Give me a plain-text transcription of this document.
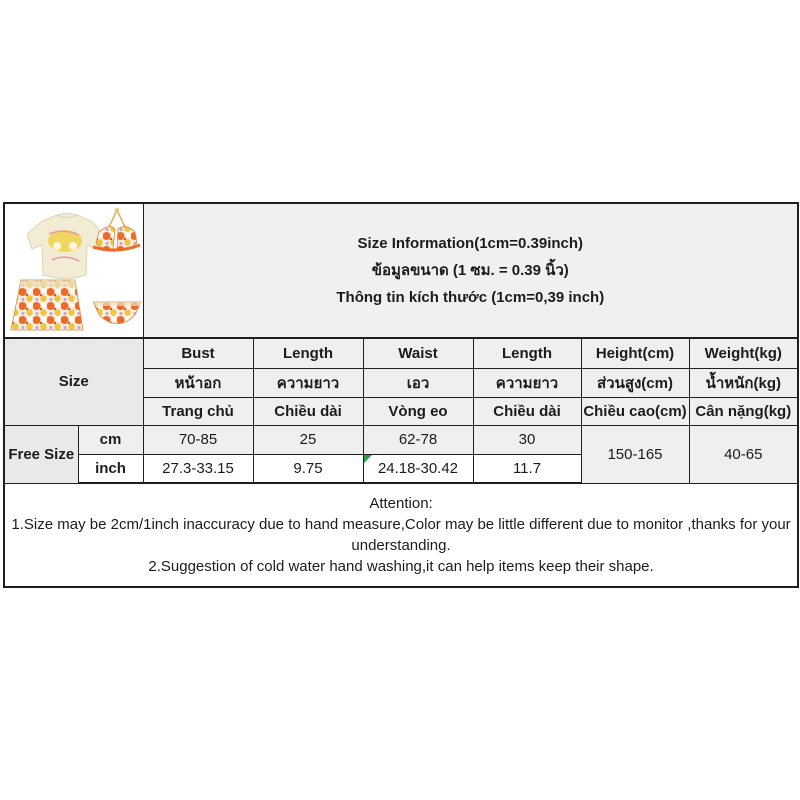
Size Information(1cm=0.39inch)
ข้อมูลขนาด (1 ซม. = 0.39 นิ้ว)
Thông tin kích thước (1cm=0,39 inch)					

Size		Bust	Length	Waist	Length	Height(cm)	Weight(kg)
		หน้าอก	ความยาว	เอว	ความยาว	ส่วนสูง(cm)	น้ำหนัก(kg)
		Trang chủ	Chiều dài	Vòng eo	Chiều dài	Chiều cao(cm)	Cân nặng(kg)
Free Size	cm	70-85	25	62-78	30	150-165	40-65
	inch	27.3-33.15	9.75	24.18-30.42	11.7		

Attention:

1.Size may be 2cm/1inch inaccuracy due to hand measure,Color may be little different due to monitor ,thanks for your understanding.

2.Suggestion of cold water hand washing,it can help items keep their shape.							
